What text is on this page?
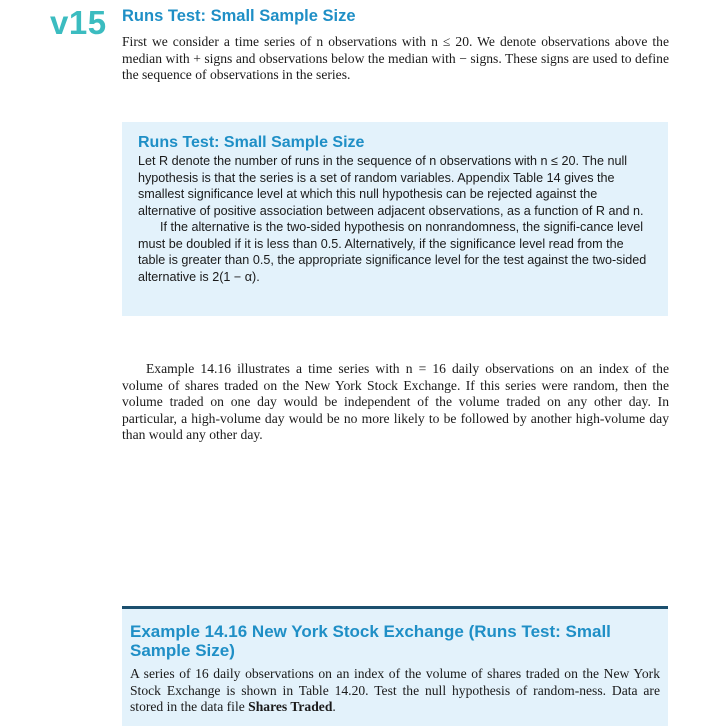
v15 Runs Test: Small Sample Size

First we consider a time series of n observations with n ≤ 20. We denote observations above the median with + signs and observations below the median with − signs. These signs are used to define the sequence of observations in the series.

Runs Test: Small Sample Size

Let R denote the number of runs in the sequence of n observations with n ≤ 20. The null hypothesis is that the series is a set of random variables. Appendix Table 14 gives the smallest significance level at which this null hypothesis can be rejected against the alternative of positive association between adjacent observations, as a function of R and n.

If the alternative is the two-sided hypothesis on nonrandomness, the signifi-cance level must be doubled if it is less than 0.5. Alternatively, if the significance level read from the table is greater than 0.5, the appropriate significance level for the test against the two-sided alternative is 2(1 − α).

Example 14.16 illustrates a time series with n = 16 daily observations on an index of the volume of shares traded on the New York Stock Exchange. If this series were random, then the volume traded on one day would be independent of the volume traded on any other day. In particular, a high-volume day would be no more likely to be followed by another high-volume day than would any other day.

Example 14.16 New York Stock Exchange (Runs Test: Small Sample Size)
A series of 16 daily observations on an index of the volume of shares traded on the New York Stock Exchange is shown in Table 14.20. Test the null hypothesis of random-ness. Data are stored in the data file Shares Traded.
